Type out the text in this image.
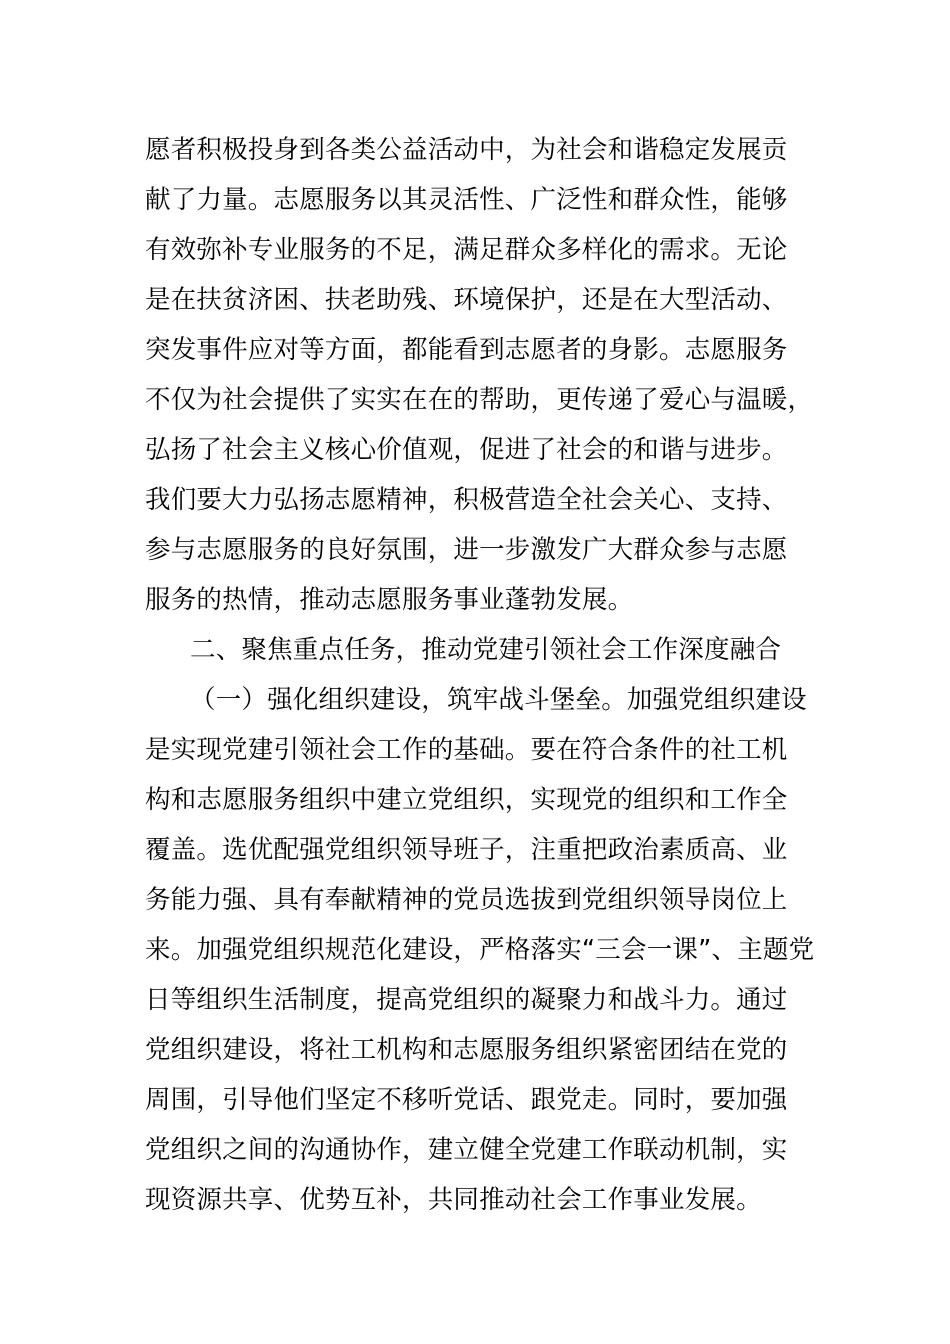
愿者积极投身到各类公益活动中，为社会和谐稳定发展贡
献了力量。志愿服务以其灵活性、广泛性和群众性，能够
有效弥补专业服务的不足，满足群众多样化的需求。无论
是在扶贫济困、扶老助残、环境保护，还是在大型活动、
突发事件应对等方面，都能看到志愿者的身影。志愿服务
不仅为社会提供了实实在在的帮助，更传递了爱心与温暖，
弘扬了社会主义核心价值观，促进了社会的和谐与进步。
我们要大力弘扬志愿精神，积极营造全社会关心、支持、
参与志愿服务的良好氛围，进一步激发广大群众参与志愿
服务的热情，推动志愿服务事业蓬勃发展。
二、聚焦重点任务，推动党建引领社会工作深度融合
（一）强化组织建设，筑牢战斗堡垒。加强党组织建设
是实现党建引领社会工作的基础。要在符合条件的社工机
构和志愿服务组织中建立党组织，实现党的组织和工作全
覆盖。选优配强党组织领导班子，注重把政治素质高、业
务能力强、具有奉献精神的党员选拔到党组织领导岗位上
来。加强党组织规范化建设，严格落实“三会一课”、主题党
日等组织生活制度，提高党组织的凝聚力和战斗力。通过
党组织建设，将社工机构和志愿服务组织紧密团结在党的
周围，引导他们坚定不移听党话、跟党走。同时，要加强
党组织之间的沟通协作，建立健全党建工作联动机制，实
现资源共享、优势互补，共同推动社会工作事业发展。
